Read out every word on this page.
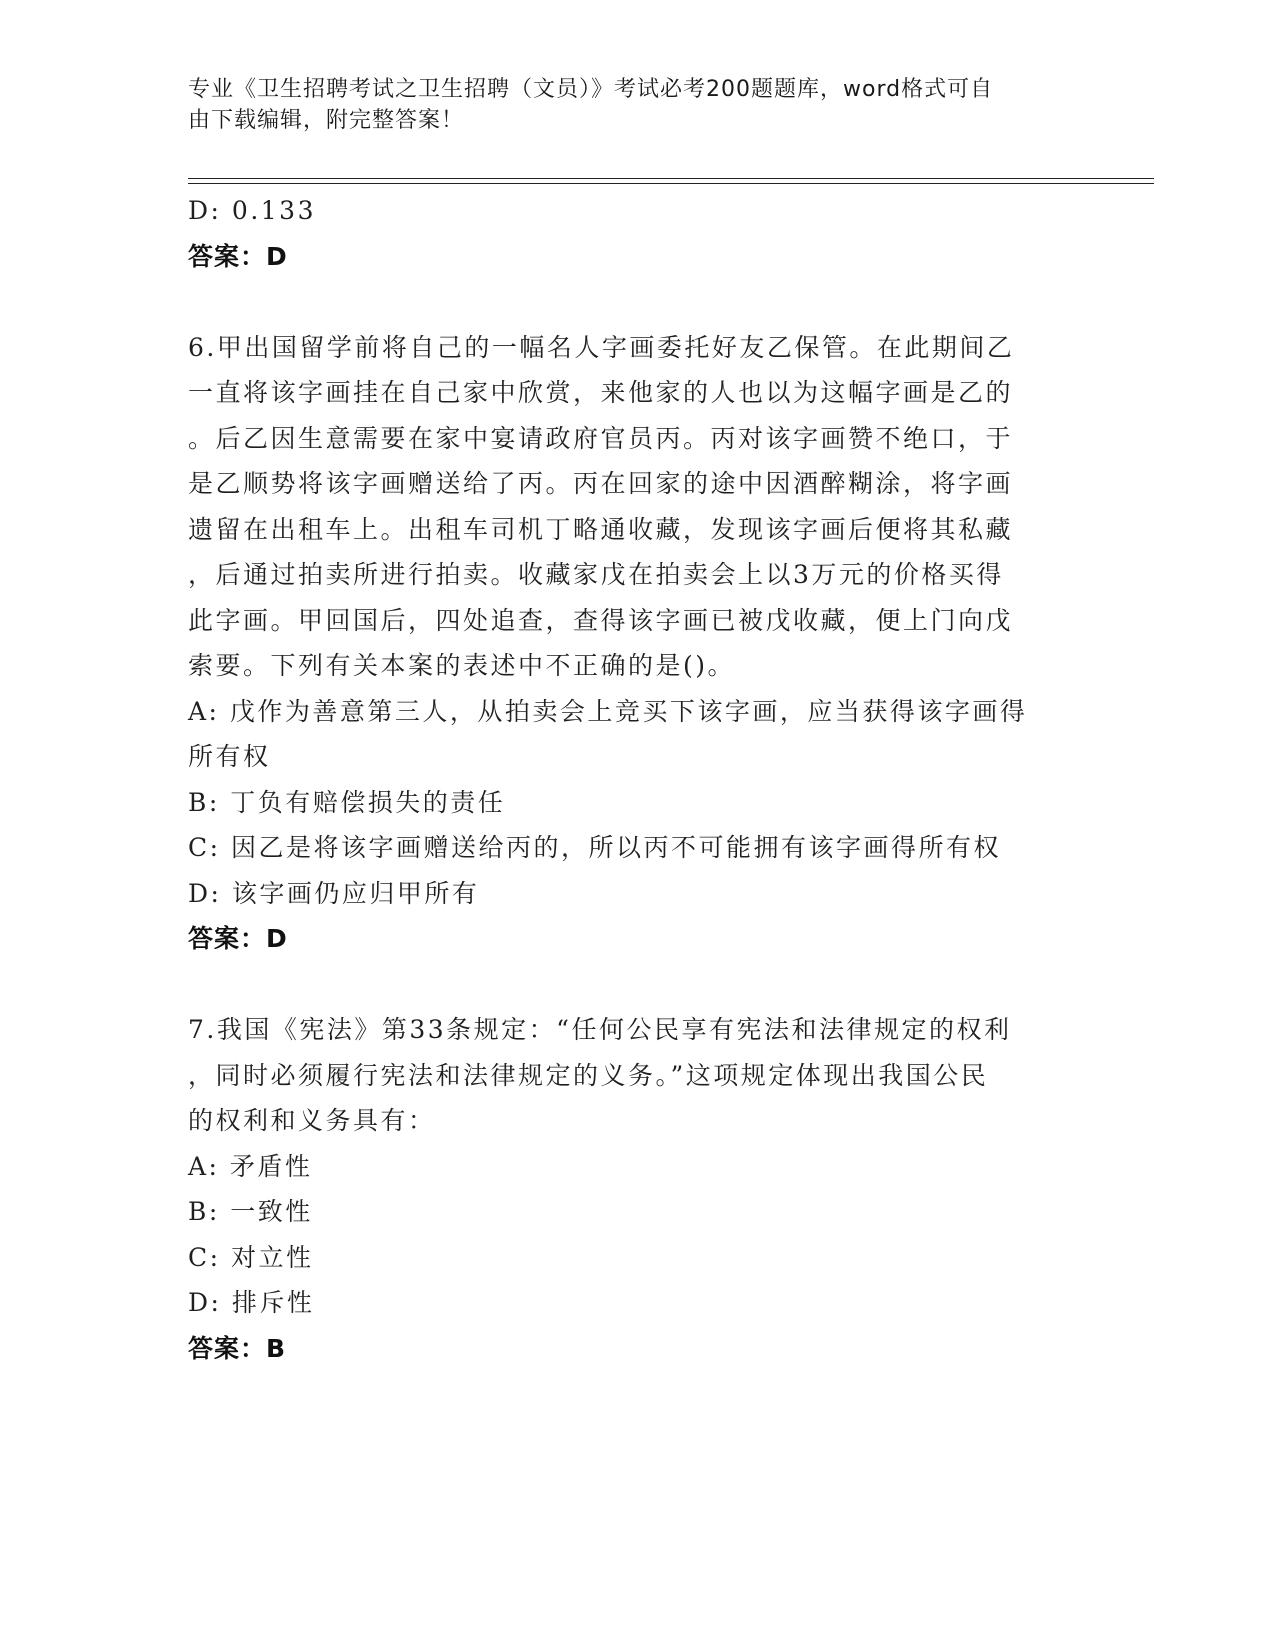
专业《卫生招聘考试之卫生招聘（文员）》考试必考200题题库，word格式可自
由下载编辑，附完整答案！
D: 0.133
答案：D
6.甲出国留学前将自己的一幅名人字画委托好友乙保管。在此期间乙
一直将该字画挂在自己家中欣赏，来他家的人也以为这幅字画是乙的
。后乙因生意需要在家中宴请政府官员丙。丙对该字画赞不绝口，于
是乙顺势将该字画赠送给了丙。丙在回家的途中因酒醉糊涂，将字画
遗留在出租车上。出租车司机丁略通收藏，发现该字画后便将其私藏
，后通过拍卖所进行拍卖。收藏家戊在拍卖会上以3万元的价格买得
此字画。甲回国后，四处追查，查得该字画已被戊收藏，便上门向戊
索要。下列有关本案的表述中不正确的是()。
A: 戊作为善意第三人，从拍卖会上竞买下该字画，应当获得该字画得
所有权
B: 丁负有赔偿损失的责任
C: 因乙是将该字画赠送给丙的，所以丙不可能拥有该字画得所有权
D: 该字画仍应归甲所有
答案：D
7.我国《宪法》第33条规定：“任何公民享有宪法和法律规定的权利
，同时必须履行宪法和法律规定的义务。”这项规定体现出我国公民
的权利和义务具有：
A: 矛盾性
B: 一致性
C: 对立性
D: 排斥性
答案：B
